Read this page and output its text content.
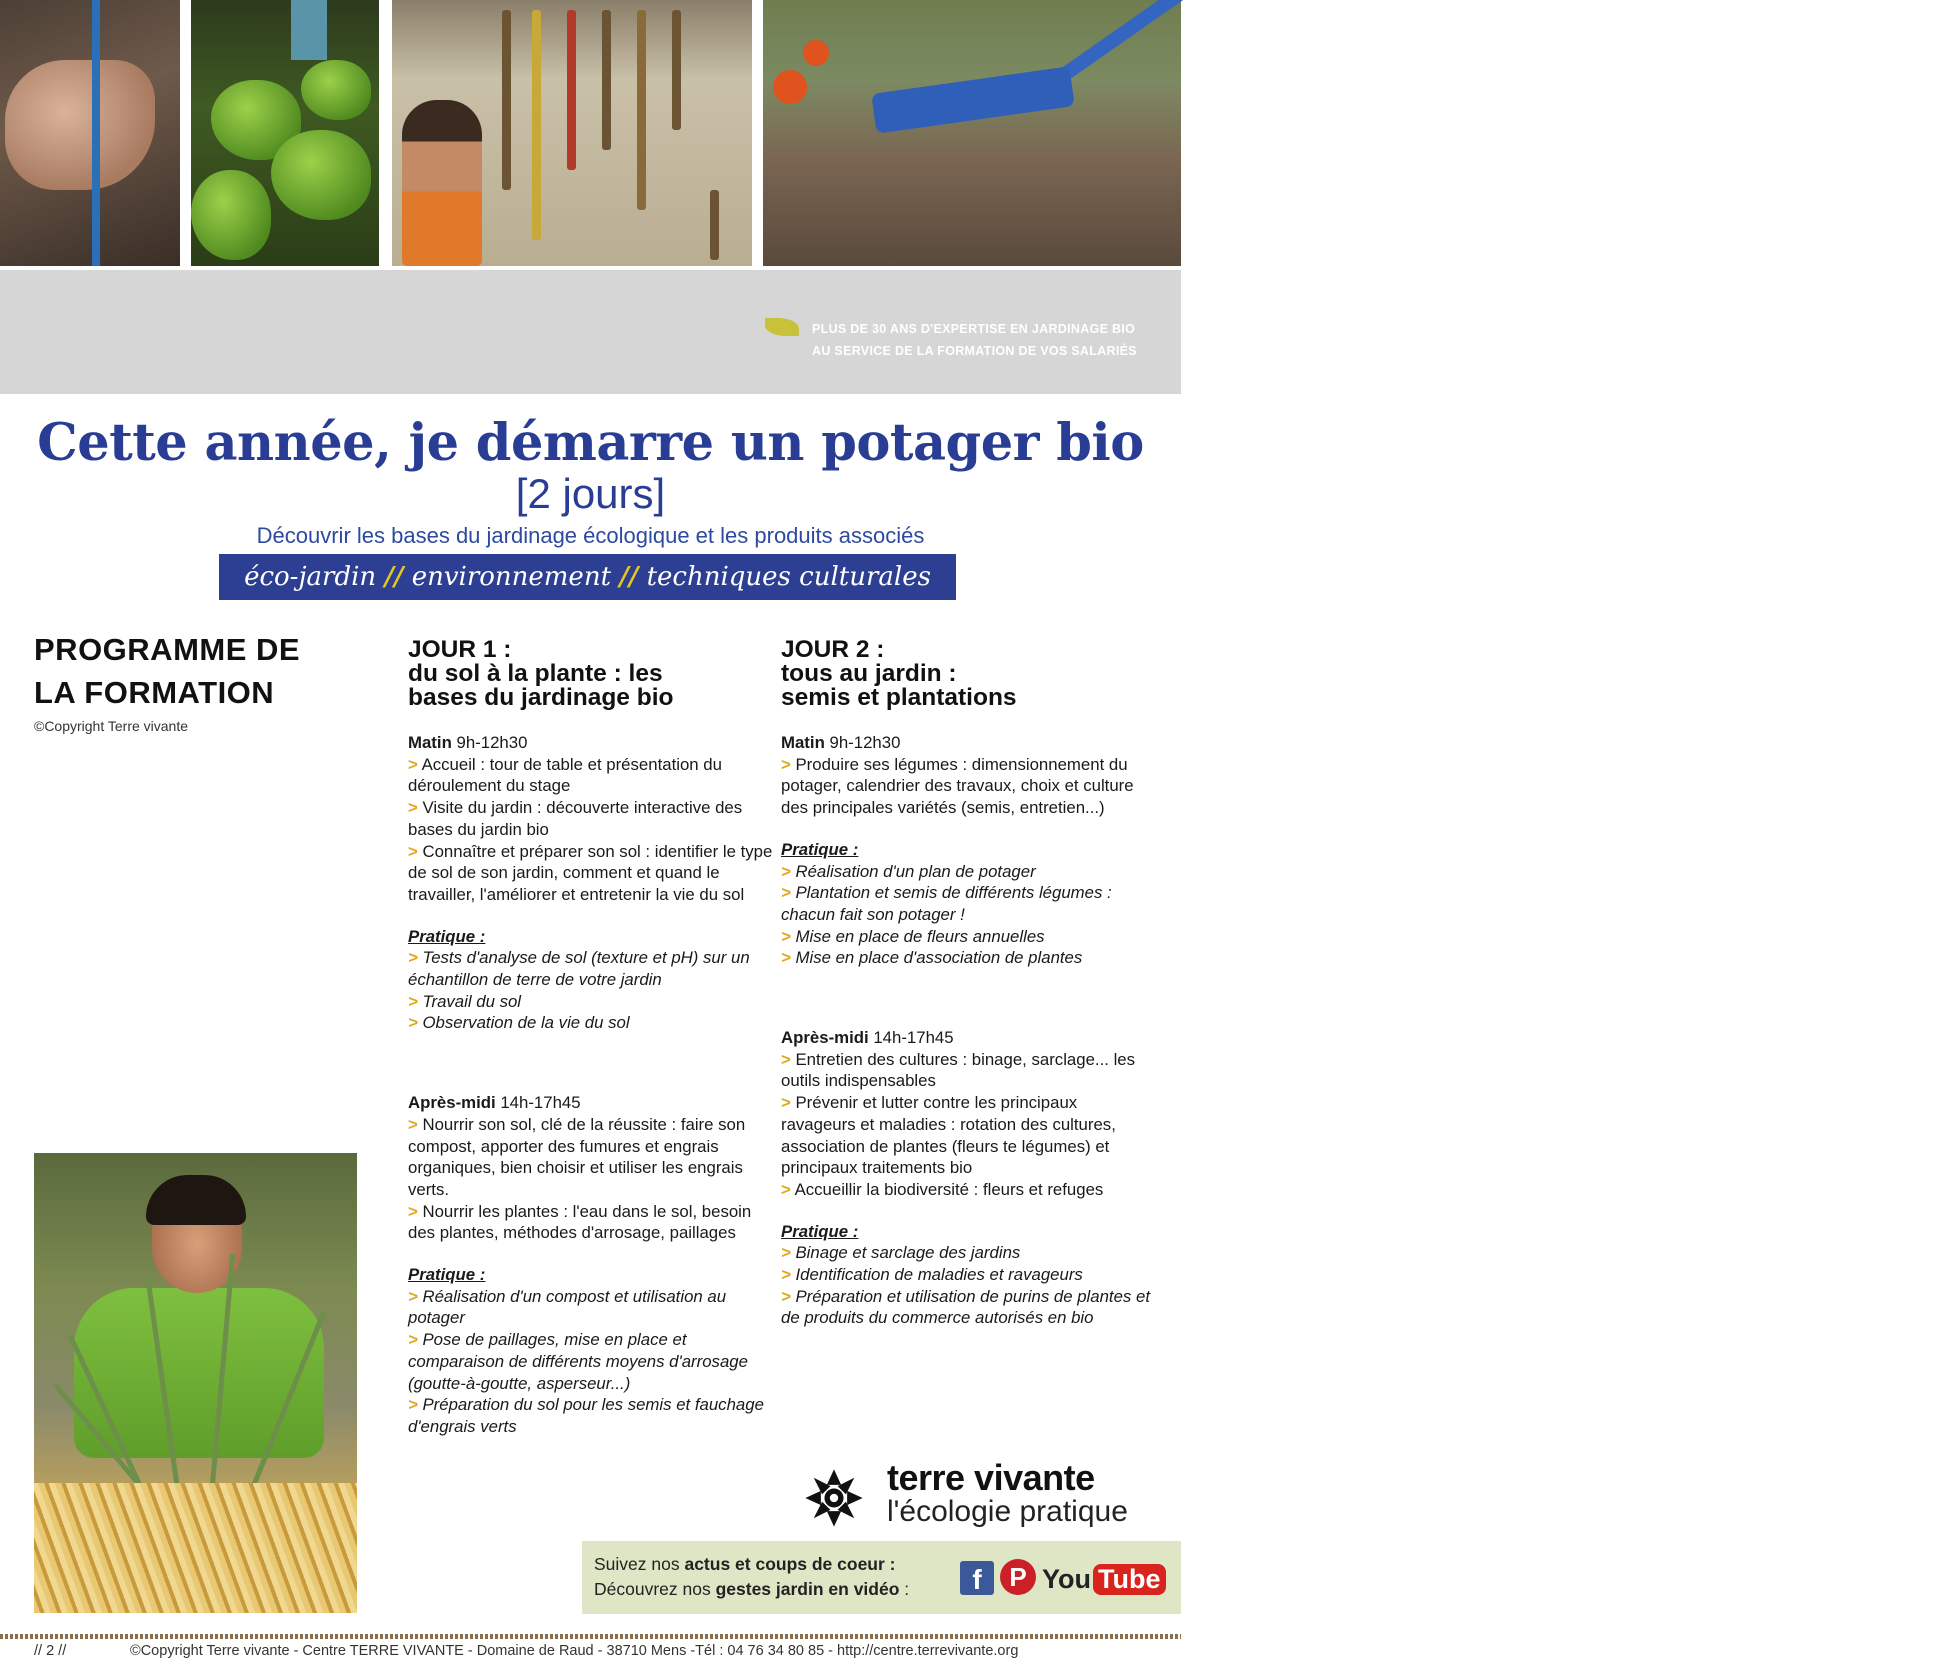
terre vivante
PLUS DE 30 ANS D'EXPERTISE EN JARDINAGE BIO
AU SERVICE DE LA FORMATION DE VOS SALARIÉS
Cette année, je démarre un potager bio
[2 jours]
Découvrir les bases du jardinage écologique et les produits associés
éco-jardin // environnement // techniques culturales
PROGRAMME DE
LA FORMATION
©Copyright Terre vivante
JOUR 1 :
du sol à la plante : les
bases du jardinage bio
Matin 9h-12h30
> Accueil : tour de table et présentation du déroulement du stage
> Visite du jardin : découverte interactive des bases du jardin bio
> Connaître et préparer son sol : identifier le type de sol de son jardin, comment et quand le travailler, l'améliorer et entretenir la vie du sol
Pratique :
> Tests d'analyse de sol (texture et pH) sur un échantillon de terre de votre jardin
> Travail du sol
> Observation de la vie du sol
Après-midi 14h-17h45
> Nourrir son sol, clé de la réussite : faire son compost, apporter des fumures et engrais organiques, bien choisir et utiliser les engrais verts.
> Nourrir les plantes : l'eau dans le sol, besoin des plantes, méthodes d'arrosage, paillages
Pratique :
> Réalisation d'un compost et utilisation au potager
> Pose de paillages, mise en place et comparaison de différents moyens d'arrosage (goutte-à-goutte, asperseur...)
> Préparation du sol pour les semis et fauchage d'engrais verts
JOUR 2 :
tous au jardin :
semis et plantations
Matin 9h-12h30
> Produire ses légumes : dimensionnement du potager, calendrier des travaux, choix et culture des principales variétés (semis, entretien...)
Pratique :
> Réalisation d'un plan de potager
> Plantation et semis de différents légumes : chacun fait son potager !
> Mise en place de fleurs annuelles
> Mise en place d'association de plantes
Après-midi 14h-17h45
> Entretien des cultures : binage, sarclage... les outils indispensables
> Prévenir et lutter contre les principaux ravageurs et maladies : rotation des cultures, association de plantes (fleurs te légumes) et principaux traitements bio
> Accueillir la biodiversité : fleurs et refuges
Pratique :
> Binage et sarclage des jardins
> Identification de maladies et ravageurs
> Préparation et utilisation de purins de plantes et de produits du commerce autorisés en bio
terre vivante
l'écologie pratique
Suivez nos actus et coups de coeur :
Découvrez nos gestes jardin en vidéo :	f	P You Tube
// 2 //	©Copyright Terre vivante - Centre TERRE VIVANTE - Domaine de Raud - 38710 Mens -Tél : 04 76 34 80 85 - http://centre.terrevivante.org
